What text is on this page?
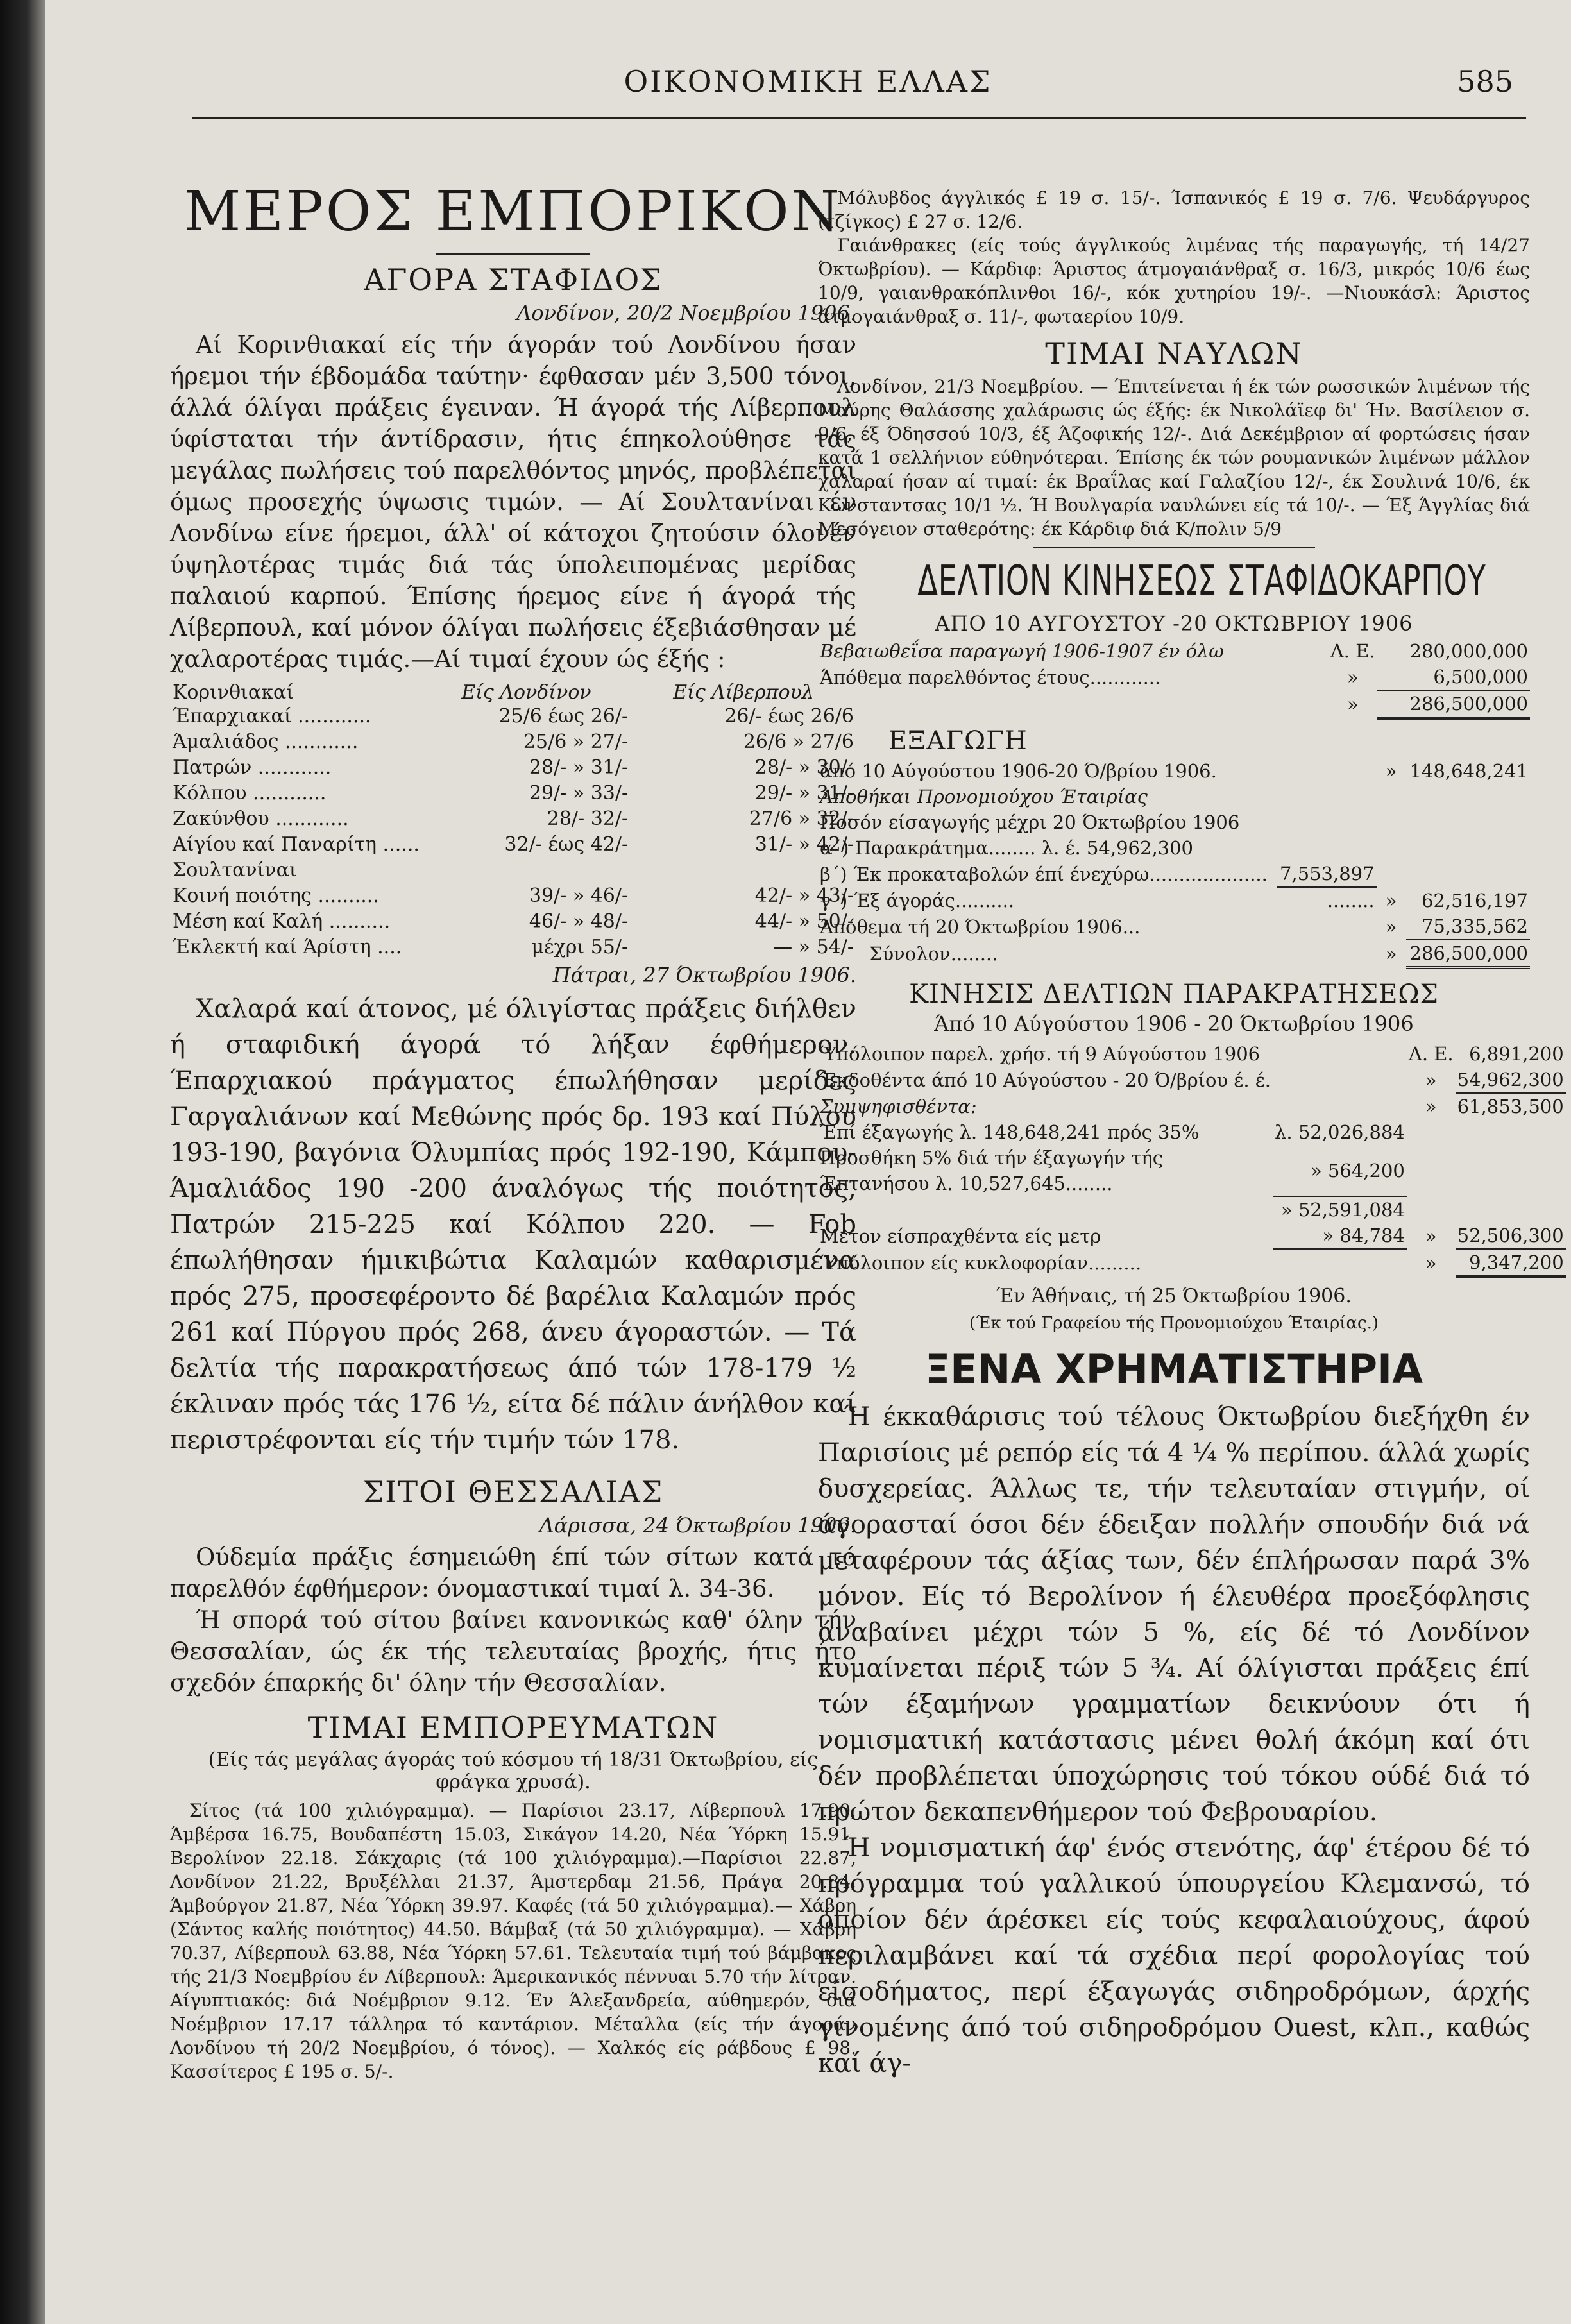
ΟΙΚΟΝΟΜΙΚΗ ΕΛΛΑΣ	585
ΜΕΡΟΣ ΕΜΠΟΡΙΚΟΝ
ΑΓΟΡΑ ΣΤΑΦΙΔΟΣ
Λονδίνον, 20/2 Νοεμβρίου 1906.

Αί Κορινθιακαί είς τήν άγοράν τού Λονδίνου ήσαν ήρεμοι τήν έβδομάδα ταύτην· έφθασαν μέν 3,500 τόνοι, άλλά όλίγαι πράξεις έγειναν. Ή άγορά τής Λίβερπουλ ύφίσταται τήν άντίδρασιν, ήτις έπηκολούθησε τάς μεγάλας πωλήσεις τού παρελθόντος μηνός, προβλέπεται όμως προσεχής ύψωσις τιμών. — Αί Σουλτανίναι έν Λονδίνω είνε ήρεμοι, άλλ' οί κάτοχοι ζητούσιν όλονέν ύψηλοτέρας τιμάς διά τάς ύπολειπομένας μερίδας παλαιού καρπού. Έπίσης ήρεμος είνε ή άγορά τής Λίβερπουλ, καί μόνον όλίγαι πωλήσεις έξεβιάσθησαν μέ χαλαροτέρας τιμάς.—Αί τιμαί έχουν ώς έξής :

Κορινθιακαί	Είς Λονδίνον	Είς Λίβερπουλ
Έπαρχιακαί ............	25/6 έως 26/-	26/- έως 26/6
Άμαλιάδος ............	25/6 » 27/-	26/6 » 27/6
Πατρών ............	28/- » 31/-	28/- » 30/-
Κόλπου ............	29/- » 33/-	29/- » 31/-
Ζακύνθου ............	28/- 32/-	27/6 » 32/-
Αίγίου καί Παναρίτη ......	32/- έως 42/-	31/- » 42/-
Σουλτανίναι		
Κοινή ποιότης ..........	39/- » 46/-	42/- » 43/-
Μέση καί Καλή ..........	46/- » 48/-	44/- » 50/-
Έκλεκτή καί Άρίστη ....	μέχρι 55/-	— » 54/-
Πάτραι, 27 Όκτωβρίου 1906.

Χαλαρά καί άτονος, μέ όλιγίστας πράξεις διήλθεν ή σταφιδική άγορά τό λήξαν έφθήμερον. Έπαρχιακού πράγματος έπωλήθησαν μερίδες Γαργαλιάνων καί Μεθώνης πρός δρ. 193 καί Πύλου 193-190, βαγόνια Όλυμπίας πρός 192-190, Κάμπου-Άμαλιάδος 190 -200 άναλόγως τής ποιότητος, Πατρών 215-225 καί Κόλπου 220. — Fob έπωλήθησαν ήμικιβώτια Καλαμών καθαρισμένα πρός 275, προσεφέροντο δέ βαρέλια Καλαμών πρός 261 καί Πύργου πρός 268, άνευ άγοραστών. — Τά δελτία τής παρακρατήσεως άπό τών 178-179 ½ έκλιναν πρός τάς 176 ½, είτα δέ πάλιν άνήλθον καί περιστρέφονται είς τήν τιμήν τών 178.

ΣΙΤΟΙ ΘΕΣΣΑΛΙΑΣ
Λάρισσα, 24 Όκτωβρίου 1906.

Ούδεμία πράξις έσημειώθη έπί τών σίτων κατά τό παρελθόν έφθήμερον: όνομαστικαί τιμαί λ. 34-36.

Ή σπορά τού σίτου βαίνει κανονικώς καθ' όλην τήν Θεσσαλίαν, ώς έκ τής τελευταίας βροχής, ήτις ήτο σχεδόν έπαρκής δι' όλην τήν Θεσσαλίαν.

ΤΙΜΑΙ ΕΜΠΟΡΕΥΜΑΤΩΝ
(Είς τάς μεγάλας άγοράς τού κόσμου τή 18/31 Όκτωβρίου, είς φράγκα χρυσά).

Σίτος (τά 100 χιλιόγραμμα). — Παρίσιοι 23.17, Λίβερπουλ 17.90, Άμβέρσα 16.75, Βουδαπέστη 15.03, Σικάγον 14.20, Νέα Ύόρκη 15.91, Βερολίνον 22.18. Σάκχαρις (τά 100 χιλιόγραμμα).—Παρίσιοι 22.87, Λονδίνον 21.22, Βρυξέλλαι 21.37, Άμστερδαμ 21.56, Πράγα 20.84, Άμβούργον 21.87, Νέα Ύόρκη 39.97. Καφές (τά 50 χιλιόγραμμα).— Χάβρη (Σάντος καλής ποιότητος) 44.50. Βάμβαξ (τά 50 χιλιόγραμμα). — Χάβρη 70.37, Λίβερπουλ 63.88, Νέα Ύόρκη 57.61. Τελευταία τιμή τού βάμβακος τής 21/3 Νοεμβρίου έν Λίβερπουλ: Άμερικανικός πέννυαι 5.70 τήν λίτραν. Αίγυπτιακός: διά Νοέμβριον 9.12. Έν Άλεξανδρεία, αύθημερόν, διά Νοέμβριον 17.17 τάλληρα τό καντάριον. Μέταλλα (είς τήν άγοράν Λονδίνου τή 20/2 Νοεμβρίου, ό τόνος). — Χαλκός είς ράβδους £ 98. Κασσίτερος £ 195 σ. 5/-.

Μόλυβδος άγγλικός £ 19 σ. 15/-. Ίσπανικός £ 19 σ. 7/6. Ψευδάργυρος (τζίγκος) £ 27 σ. 12/6.

Γαιάνθρακες (είς τούς άγγλικούς λιμένας τής παραγωγής, τή 14/27 Όκτωβρίου). — Κάρδιφ: Άριστος άτμογαιάνθραξ σ. 16/3, μικρός 10/6 έως 10/9, γαιανθρακόπλινθοι 16/-, κόκ χυτηρίου 19/-. —Νιουκάσλ: Άριστος άτμογαιάνθραξ σ. 11/-, φωταερίου 10/9.

ΤΙΜΑΙ ΝΑΥΛΩΝ

Λονδίνον, 21/3 Νοεμβρίου. — Έπιτείνεται ή έκ τών ρωσσικών λιμένων τής Μαύρης Θαλάσσης χαλάρωσις ώς έξής: έκ Νικολάϊεφ δι' Ήν. Βασίλειον σ. 9/6, έξ Όδησσού 10/3, έξ Άζοφικής 12/-. Διά Δεκέμβριον αί φορτώσεις ήσαν κατά 1 σελλήνιον εύθηνότεραι. Έπίσης έκ τών ρουμανικών λιμένων μάλλον χαλαραί ήσαν αί τιμαί: έκ Βραΐλας καί Γαλαζίου 12/-, έκ Σουλινά 10/6, έκ Κωνσταντσας 10/1 ½. Ή Βουλγαρία ναυλώνει είς τά 10/-. — Έξ Άγγλίας διά Μεσόγειον σταθερότης: έκ Κάρδιφ διά Κ/πολιν 5/9

ΔΕΛΤΙΟΝ ΚΙΝΗΣΕΩΣ ΣΤΑΦΙΔΟΚΑΡΠΟΥ
ΑΠΟ 10 ΑΥΓΟΥΣΤΟΥ -20 ΟΚΤΩΒΡΙΟΥ 1906
Βεβαιωθεΐσα παραγωγή 1906-1907 έν όλω	Λ. Ε.	280,000,000
Άπόθεμα παρελθόντος έτους............	»	6,500,000
	»	286,500,000
ΕΞΑΓΩΓΗ
άπό 10 Αύγούστου 1906-20 Ό/βρίου 1906.		»	148,648,241
Άποθήκαι Προνομιούχου Έταιρίας			
Ποσόν είσαγωγής μέχρι 20 Όκτωβρίου 1906			
α΄) Παρακράτημα........ λ. έ. 54,962,300			
β΄) Έκ προκαταβολών έπί ένεχύρω....................	7,553,897		
γ΄) Έξ άγοράς..........	........	»	62,516,197
Άπόθεμα τή 20 Όκτωβρίου 1906...		»	75,335,562
Σύνολον........		»	286,500,000
ΚΙΝΗΣΙΣ ΔΕΛΤΙΩΝ ΠΑΡΑΚΡΑΤΗΣΕΩΣ
Άπό 10 Αύγούστου 1906 - 20 Όκτωβρίου 1906
Ύπόλοιπον παρελ. χρήσ. τή 9 Αύγούστου 1906		Λ. Ε.	6,891,200
Έκδοθέντα άπό 10 Αύγούστου - 20 Ό/βρίου έ. έ.		»	54,962,300
Συμψηφισθέντα:		»	61,853,500
Έπί έξαγωγής λ. 148,648,241 πρός 35%	λ. 52,026,884		
Προσθήκη 5% διά τήν έξαγωγήν τής Έπτανήσου λ. 10,527,645........	» 564,200		
	» 52,591,084		
Μετον είσπραχθέντα είς μετρ	» 84,784	»	52,506,300
Ύπόλοιπον είς κυκλοφορίαν.........		»	9,347,200
Έν Άθήναις, τή 25 Όκτωβρίου 1906.
(Έκ τού Γραφείου τής Προνομιούχου Έταιρίας.)
ΞΕΝΑ ΧΡΗΜΑΤΙΣΤΗΡΙΑ

Ή έκκαθάρισις τού τέλους Όκτωβρίου διεξήχθη έν Παρισίοις μέ ρεπόρ είς τά 4 ¼ % περίπου. άλλά χωρίς δυσχερείας. Άλλως τε, τήν τελευταίαν στιγμήν, οί άγορασταί όσοι δέν έδειξαν πολλήν σπουδήν διά νά μεταφέρουν τάς άξίας των, δέν έπλήρωσαν παρά 3% μόνον. Είς τό Βερολίνον ή έλευθέρα προεξόφλησις άναβαίνει μέχρι τών 5 %, είς δέ τό Λονδίνον κυμαίνεται πέριξ τών 5 ¾. Αί όλίγισται πράξεις έπί τών έξαμήνων γραμματίων δεικνύουν ότι ή νομισματική κατάστασις μένει θολή άκόμη καί ότι δέν προβλέπεται ύποχώρησις τού τόκου ούδέ διά τό πρώτον δεκαπενθήμερον τού Φεβρουαρίου.

Ή νομισματική άφ' ένός στενότης, άφ' έτέρου δέ τό πρόγραμμα τού γαλλικού ύπουργείου Κλεμανσώ, τό όποίον δέν άρέσκει είς τούς κεφαλαιούχους, άφού περιλαμβάνει καί τά σχέδια περί φορολογίας τού είσοδήματος, περί έξαγωγάς σιδηροδρόμων, άρχής γινομένης άπό τού σιδηροδρόμου Ouest, κλπ., καθώς καί άγ-
